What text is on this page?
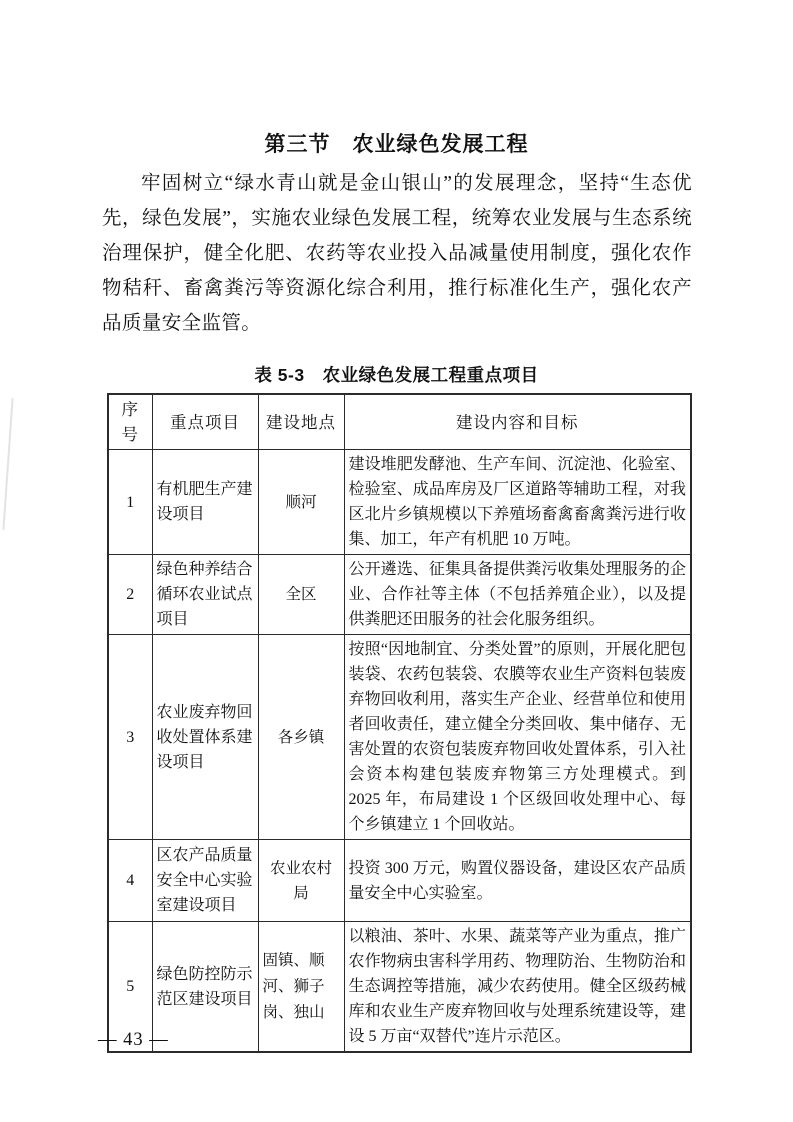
第三节　农业绿色发展工程

牢固树立“绿水青山就是金山银山”的发展理念，坚持“生态优先，绿色发展”，实施农业绿色发展工程，统筹农业发展与生态系统治理保护，健全化肥、农药等农业投入品减量使用制度，强化农作物秸秆、畜禽粪污等资源化综合利用，推行标准化生产，强化农产品质量安全监管。

表 5-3　农业绿色发展工程重点项目
序号	重点项目	建设地点	建设内容和目标
1	有机肥生产建设项目	顺河	建设堆肥发酵池、生产车间、沉淀池、化验室、检验室、成品库房及厂区道路等辅助工程，对我区北片乡镇规模以下养殖场畜禽畜禽粪污进行收集、加工，年产有机肥 10 万吨。
2	绿色种养结合循环农业试点项目	全区	公开遴选、征集具备提供粪污收集处理服务的企业、合作社等主体（不包括养殖企业），以及提供粪肥还田服务的社会化服务组织。
3	农业废弃物回收处置体系建设项目	各乡镇	按照“因地制宜、分类处置”的原则，开展化肥包装袋、农药包装袋、农膜等农业生产资料包装废弃物回收利用，落实生产企业、经营单位和使用者回收责任，建立健全分类回收、集中储存、无害处置的农资包装废弃物回收处置体系，引入社会资本构建包装废弃物第三方处理模式。到 2025 年，布局建设 1 个区级回收处理中心、每个乡镇建立 1 个回收站。
4	区农产品质量安全中心实验室建设项目	农业农村局	投资 300 万元，购置仪器设备，建设区农产品质量安全中心实验室。
5	绿色防控防示范区建设项目	固镇、顺河、狮子岗、独山	以粮油、茶叶、水果、蔬菜等产业为重点，推广农作物病虫害科学用药、物理防治、生物防治和生态调控等措施，减少农药使用。健全区级药械库和农业生产废弃物回收与处理系统建设等，建设 5 万亩“双替代”连片示范区。
— 43 —
